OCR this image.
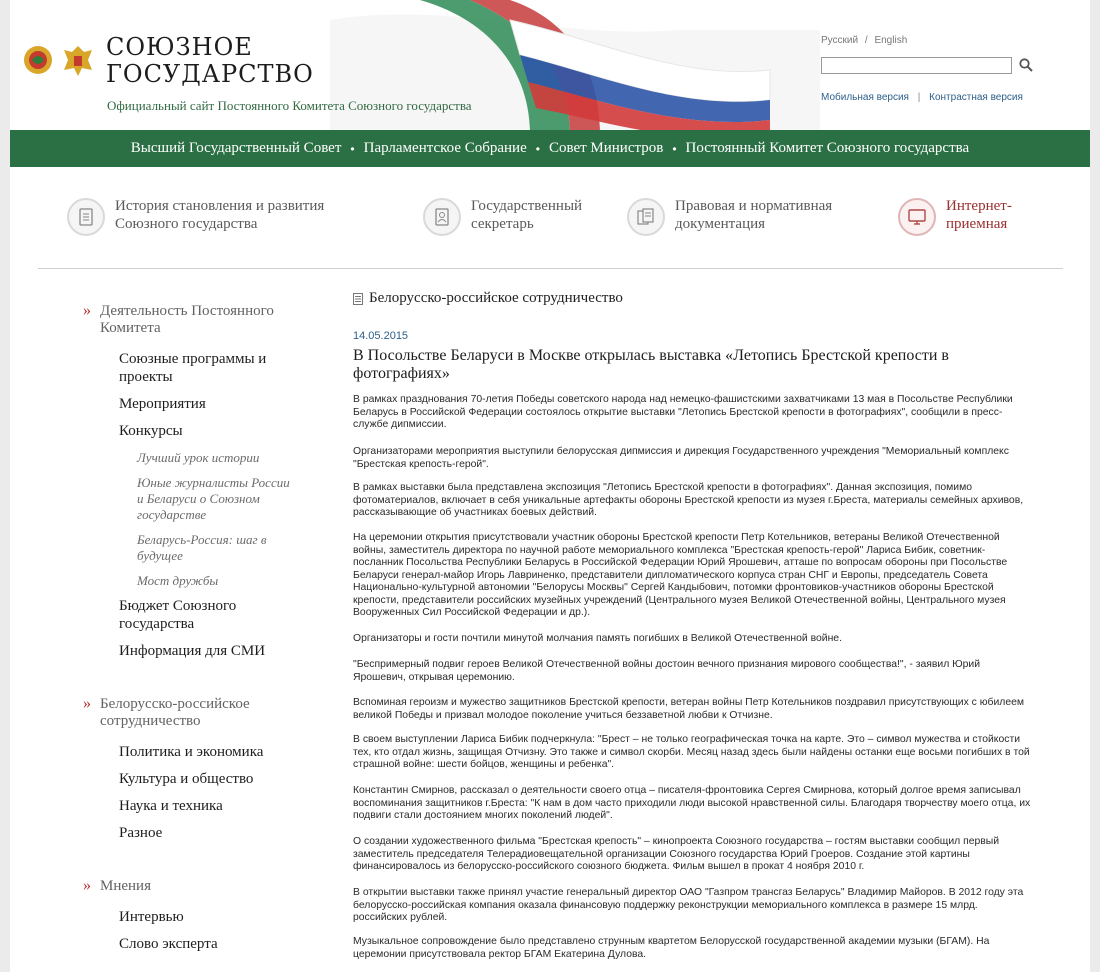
СОЮЗНОЕ
ГОСУДАРСТВО
Официальный сайт Постоянного Комитета Союзного государства
Русский / English
Мобильная версия | Контрастная версия
Высший Государственный Совет • Парламентское Собрание • Совет Министров • Постоянный Комитет Союзного государства
История становления и развития
Союзного государства
Государственный
секретарь
Правовая и нормативная
документация
Интернет-
приемная
» Деятельность Постоянного
Комитета
Союзные программы и
проекты
Мероприятия
Конкурсы
Лучший урок истории
Юные журналисты России
и Беларуси о Союзном
государстве
Беларусь-Россия: шаг в
будущее
Мост дружбы
Бюджет Союзного
государства
Информация для СМИ
» Белорусско-российское
сотрудничество
Политика и экономика
Культура и общество
Наука и техника
Разное
» Мнения
Интервью
Слово эксперта
Белорусско-российское сотрудничество
14.05.2015
В Посольстве Беларуси в Москве открылась выставка «Летопись Брестской крепости в
фотографиях»
В рамках празднования 70-летия Победы советского народа над немецко-фашистскими захватчиками 13 мая в Посольстве Республики
Беларусь в Российской Федерации состоялось открытие выставки "Летопись Брестской крепости в фотографиях", сообщили в пресс-
службе дипмиссии.
Организаторами мероприятия выступили белорусская дипмиссия и дирекция Государственного учреждения "Мемориальный комплекс
"Брестская крепость-герой".
В рамках выставки была представлена экспозиция "Летопись Брестской крепости в фотографиях". Данная экспозиция, помимо
фотоматериалов, включает в себя уникальные артефакты обороны Брестской крепости из музея г.Бреста, материалы семейных архивов,
рассказывающие об участниках боевых действий.
На церемонии открытия присутствовали участник обороны Брестской крепости Петр Котельников, ветераны Великой Отечественной
войны, заместитель директора по научной работе мемориального комплекса "Брестская крепость-герой" Лариса Бибик, советник-
посланник Посольства Республики Беларусь в Российской Федерации Юрий Ярошевич, атташе по вопросам обороны при Посольстве
Беларуси генерал-майор Игорь Лавриненко, представители дипломатического корпуса стран СНГ и Европы, председатель Совета
Национально-культурной автономии "Белорусы Москвы" Сергей Кандыбович, потомки фронтовиков-участников обороны Брестской
крепости, представители российских музейных учреждений (Центрального музея Великой Отечественной войны, Центрального музея
Вооруженных Сил Российской Федерации и др.).
Организаторы и гости почтили минутой молчания память погибших в Великой Отечественной войне.
"Беспримерный подвиг героев Великой Отечественной войны достоин вечного признания мирового сообщества!", - заявил Юрий
Ярошевич, открывая церемонию.
Вспоминая героизм и мужество защитников Брестской крепости, ветеран войны Петр Котельников поздравил присутствующих с юбилеем
великой Победы и призвал молодое поколение учиться беззаветной любви к Отчизне.
В своем выступлении Лариса Бибик подчеркнула: "Брест – не только географическая точка на карте. Это – символ мужества и стойкости
тех, кто отдал жизнь, защищая Отчизну. Это также и символ скорби. Месяц назад здесь были найдены останки еще восьми погибших в той
страшной войне: шести бойцов, женщины и ребенка".
Константин Смирнов, рассказал о деятельности своего отца – писателя-фронтовика Сергея Смирнова, который долгое время записывал
воспоминания защитников г.Бреста: "К нам в дом часто приходили люди высокой нравственной силы. Благодаря творчеству моего отца, их
подвиги стали достоянием многих поколений людей".
О создании художественного фильма "Брестская крепость" – кинопроекта Союзного государства – гостям выставки сообщил первый
заместитель председателя Телерадиовещательной организации Союзного государства Юрий Гроеров. Создание этой картины
финансировалось из белорусско-российского союзного бюджета. Фильм вышел в прокат 4 ноября 2010 г.
В открытии выставки также принял участие генеральный директор ОАО "Газпром трансгаз Беларусь" Владимир Майоров. В 2012 году эта
белорусско-российская компания оказала финансовую поддержку реконструкции мемориального комплекса в размере 15 млрд.
российских рублей.
Музыкальное сопровождение было представлено струнным квартетом Белорусской государственной академии музыки (БГАМ). На
церемонии присутствовала ректор БГАМ Екатерина Дулова.
